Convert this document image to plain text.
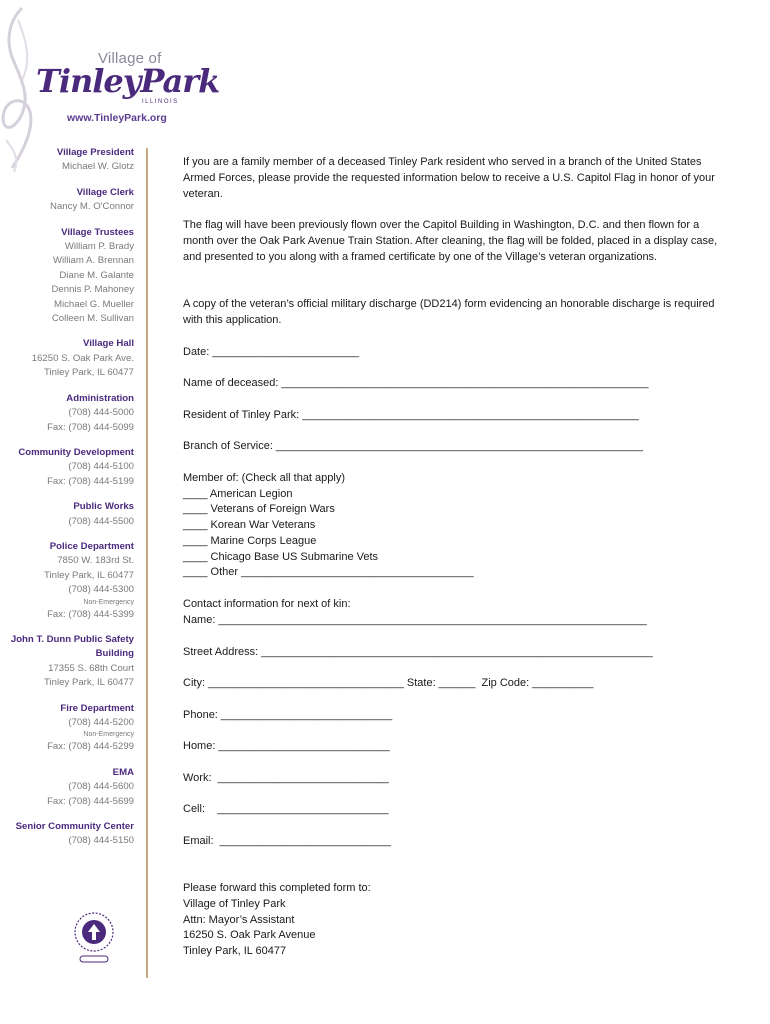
Village of
TinleyPark
ILLINOIS
www.TinleyPark.org
Village President
Michael W. Glotz
Village Clerk
Nancy M. O'Connor
Village Trustees
William P. Brady
William A. Brennan
Diane M. Galante
Dennis P. Mahoney
Michael G. Mueller
Colleen M. Sullivan
Village Hall
16250 S. Oak Park Ave.
Tinley Park, IL 60477
Administration
(708) 444-5000
Fax: (708) 444-5099
Community Development
(708) 444-5100
Fax: (708) 444-5199
Public Works
(708) 444-5500
Police Department
7850 W. 183rd St.
Tinley Park, IL 60477
(708) 444-5300
Non-Emergency
Fax: (708) 444-5399
John T. Dunn Public Safety Building
17355 S. 68th Court
Tinley Park, IL 60477
Fire Department
(708) 444-5200
Non-Emergency
Fax: (708) 444-5299
EMA
(708) 444-5600
Fax: (708) 444-5699
Senior Community Center
(708) 444-5150

If you are a family member of a deceased Tinley Park resident who served in a branch of the United States Armed Forces, please provide the requested information below to receive a U.S. Capitol Flag in honor of your veteran.

The flag will have been previously flown over the Capitol Building in Washington, D.C. and then flown for a month over the Oak Park Avenue Train Station. After cleaning, the flag will be folded, placed in a display case, and presented to you along with a framed certificate by one of the Village’s veteran organizations.

A copy of the veteran’s official military discharge (DD214) form evidencing an honorable discharge is required with this application.

Date: ________________________
Name of deceased: ____________________________________________________________
Resident of Tinley Park: _______________________________________________________
Branch of Service: ____________________________________________________________
Member of: (Check all that apply)
____ American Legion
____ Veterans of Foreign Wars
____ Korean War Veterans
____ Marine Corps League
____ Chicago Base US Submarine Vets
____ Other ______________________________________
Contact information for next of kin:
Name: ______________________________________________________________________
Street Address: ________________________________________________________________
City: ________________________________ State: ______  Zip Code: __________
Phone: ____________________________
Home: ____________________________
Work:  ____________________________
Cell:    ____________________________
Email:  ____________________________
Please forward this completed form to:
Village of Tinley Park
Attn: Mayor’s Assistant
16250 S. Oak Park Avenue
Tinley Park, IL 60477
